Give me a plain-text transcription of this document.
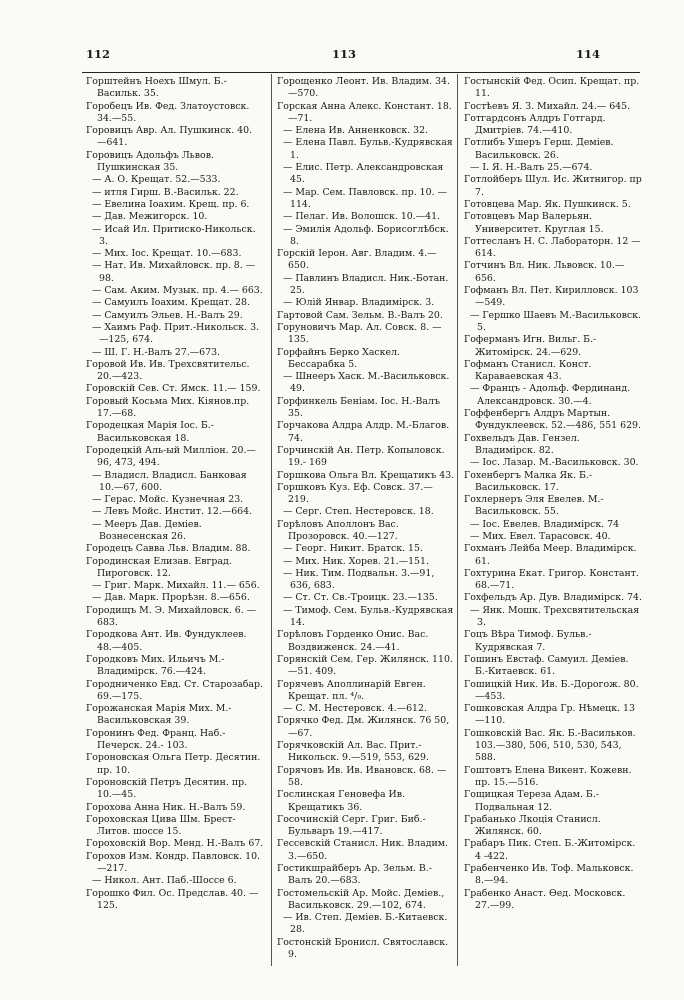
112	113	114
Горштейнъ Ноехъ Шмул. Б.-Васильк. 35.
Горобецъ Ив. Фед. Златоустовск. 34.—55.
Горовицъ Авр. Ал. Пушкинск. 40. —641.
Горовицъ Адольфъ Львов. Пушкинская 35.
— А. О. Крещат. 52.—533.
— итля Гирш. В.-Васильк. 22.
— Евелина Іоахим. Крещ. пр. 6.
— Дав. Межигорск. 10.
— Исай Ил. Притиско-Никольск. 3.
— Мих. Іос. Крещат. 10.—683.
— Нат. Ив. Михайловск. пр. 8. — 98.
— Сам. Аким. Музык. пр. 4.— 663.
— Самуилъ Іоахим. Крещат. 28.
— Самуилъ Эльев. Н.-Валъ 29.
— Хаимъ Раф. Прит.-Никольск. 3.—125, 674.
— Ш. Г. Н.-Валъ 27.—673.
Горовой Ив. Ив. Трехсвятительс. 20.—423.
Горовскій Сев. Ст. Ямск. 11.— 159.
Горовый Косьма Мих. Кіянов.пр. 17.—68.
Городецкая Марія Іос. Б.-Васильковская 18.
Городецкій Аль-ый Милліон. 20.— 96, 473, 494.
— Владисл. Владисл. Банковая 10.—67, 600.
— Герас. Мойс. Кузнечная 23.
— Левъ Мойс. Инстит. 12.—664.
— Мееръ Дав. Деміев. Вознесенская 26.
Городецъ Савва Льв. Владим. 88.
Городинская Елизав. Евград. Пироговск. 12.
— Григ. Марк. Михайл. 11.— 656.
— Дав. Марк. Прорѣзн. 8.—656.
Городищъ М. Э. Михайловск. 6. — 683.
Городкова Ант. Ив. Фундуклеев. 48.—405.
Городковъ Мих. Ильичъ М.-Владимірск. 76.—424.
Городниченко Евд. Ст. Старозабар. 69.—175.
Горожанская Марія Мих. М.-Васильковская 39.
Горонинъ Фед. Франц. Наб.-Печерск. 24.- 103.
Гороновская Ольга Петр. Десятин. пр. 10.
Гороновскій Петръ Десятин. пр. 10.—45.
Горохова Анна Ник. Н.-Валъ 59.
Гороховская Цива Шм. Брест-Литов. шоссе 15.
Гороховскій Вор. Менд. Н.-Валъ 67.
Горохов Изм. Кондр. Павловск. 10.—217.
— Никол. Ант. Паб.-Шоссе 6.
Горошко Фил. Ос. Предслав. 40. —125.
Горощенко Леонт. Ив. Владим. 34.—570.
Горская Анна Алекс. Констант. 18.—71.
— Елена Ив. Анненковск. 32.
— Елена Павл. Бульв.-Кудрявская 1.
— Елис. Петр. Александровская 45.
— Мар. Сем. Павловск. пр. 10. —114.
— Пелаг. Ив. Волошск. 10.—41.
— Эмилія Адольф. Борисоглѣбск. 8.
Горскій Іерон. Авг. Владим. 4.— 650.
— Павлинъ Владисл. Ник.-Ботан. 25.
— Юлій Январ. Владимірск. 3.
Гартовой Сам. Зельм. В.-Валъ 20.
Горуновичъ Мар. Ал. Совск. 8. —135.
Горфайнъ Берко Хаскел. Бессарабка 5.
— Шнееръ Хаск. М.-Васильковск. 49.
Горфинкель Беніам. Іос. Н.-Валъ 35.
Горчакова Алдра Алдр. М.-Благов. 74.
Горчинскій Ан. Петр. Копыловск. 19.- 169
Горшкова Ольга Вл. Крещатикъ 43.
Горшковъ Куз. Еф. Совск. 37.— 219.
— Серг. Степ. Нестеровск. 18.
Горѣловъ Аполлонъ Вас. Прозоровск. 40.—127.
— Георг. Никит. Братск. 15.
— Мих. Ник. Хорев. 21.—151.
— Ник. Тим. Подвальн. 3.—91, 636, 683.
— Ст. Ст. Св.-Троицк. 23.—135.
— Тимоф. Сем. Бульв.-Кудрявская 14.
Горѣловъ Горденко Онис. Вас. Воздвиженск. 24.—41.
Горянскій Сем. Гер. Жилянск. 110.—51. 409.
Горячевъ Аполлинарій Евген. Крещат. пл. ⁴/₉.
— С. М. Нестеровск. 4.—612.
Горячко Фед. Дм. Жилянск. 76 50,—67.
Горячковскій Ал. Вас. Прит.-Никольск. 9.—519, 553, 629.
Горячовъ Ив. Ив. Ивановск. 68. —58.
Гослинская Геновефа Ив. Крещатикъ 36.
Госочинскій Серг. Григ. Биб.-Бульваръ 19.—417.
Гессевскій Станисл. Ник. Владим. 3.—650.
Гостикшрайберъ Ар. Зельм. В.-Валъ 20.—683.
Гостомельскій Ар. Мойс. Деміев., Васильковск. 29.—102, 674.
— Ив. Степ. Деміев. Б.-Китаевск. 28.
Гостонскій Бронисл. Святославск. 9.
Гостынскій Фед. Осип. Крещат. пр. 11.
Гостѣевъ Я. З. Михайл. 24.— 645.
Готгардсонъ Алдръ Готгард. Дмитріев. 74.—410.
Готлибъ Ушеръ Герш. Деміев. Васильковск. 26.
— І. Я. Н.-Валъ 25.—674.
Готлойберъ Шул. Ис. Житнигор. пр 7.
Готовцева Мар. Як. Пушкинск. 5.
Готовцевъ Мар Валерьян. Университет. Круглая 15.
Готтесланъ Н. С. Лабораторн. 12 —614.
Готчинъ Вл. Ник. Львовск. 10.— 656.
Гофманъ Вл. Пет. Кирилловск. 103 —549.
— Гершко Шаевъ М.-Васильковск. 5.
Гоферманъ Игн. Вильг. Б.-Житомірск. 24.—629.
Гофманъ Станисл. Конст. Караваевская 43.
— Францъ - Адольф. Фердинанд. Александровск. 30.—4.
Гоффенбергъ Алдръ Мартын. Фундуклеевск. 52.—486, 551 629.
Гохвельдъ Дав. Гензел. Владимірск. 82.
— Іос. Лазар. М.-Васильковск. 30.
Гохенбергъ Малка Як. Б.-Васильковск. 17.
Гохлернеръ Эля Евелев. М.-Васильковск. 55.
— Іос. Евелев. Владимірск. 74
— Мих. Евел. Тарасовск. 40.
Гохманъ Лейба Меер. Владимірск. 61.
Гохтурина Екат. Григор. Констант. 68.—71.
Гохфельдъ Ар. Дув. Владимірск. 74.
— Янк. Мошк. Трехсвятительская 3.
Гоцъ Вѣра Тимоф. Бульв.-Кудрявская 7.
Гошинъ Евстаф. Самуил. Деміев. Б.-Китаевск. 61.
Гошицкій Ник. Ив. Б.-Дорогож. 80.—453.
Гошковская Алдра Гр. Нѣмецк. 13 —110.
Гошковскій Вас. Як. Б.-Васильков. 103.—380, 506, 510, 530, 543, 588.
Гоштовтъ Елена Викент. Кожевн. пр. 15.—516.
Гощицкая Тереза Адам. Б.-Подвальная 12.
Грабанько Лкоція Станисл. Жилянск. 60.
Грабаръ Пик. Степ. Б.-Житомірск. 4 -422.
Грабенченко Ив. Тоф. Мальковск. 8.—94.
Грабенко Анаст. Ѳед. Московск. 27.—99.
